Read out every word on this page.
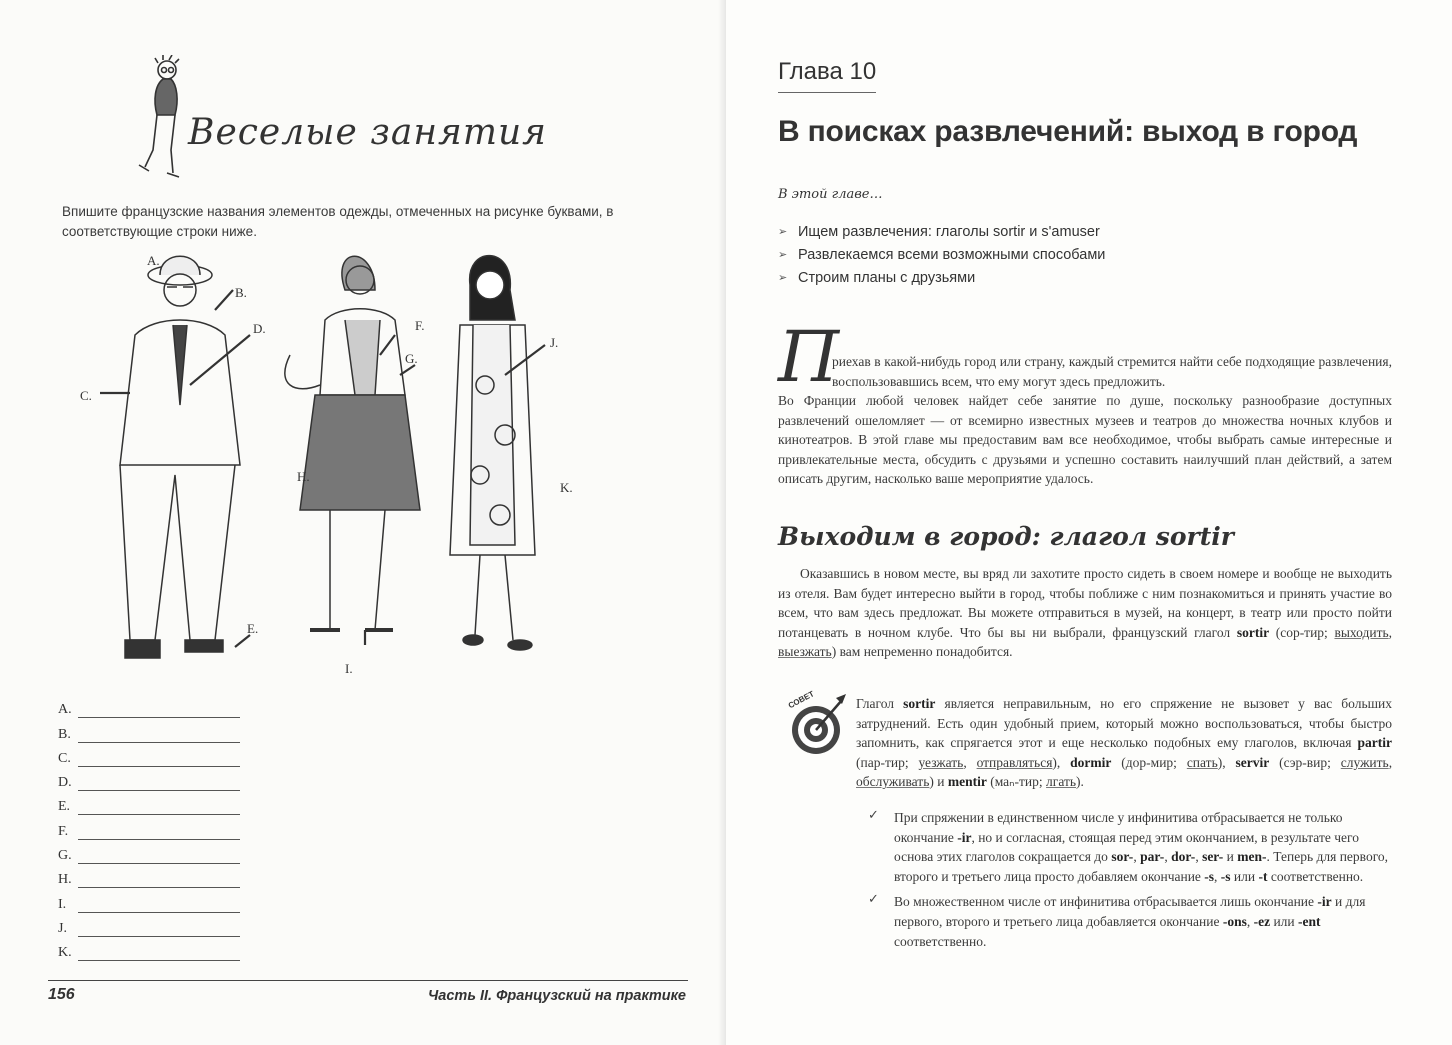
Веселые занятия

Впишите французские названия элементов одежды, отмеченных на рисунке буквами, в соответствующие строки ниже.

A.
B.
C.
D.
E.
F.
G.
H.
I.
J.
K.
A.
B.
C.
D.
E.
F.
G.
H.
I.
J.
K.

156	Часть II. Французский на практике

Глава 10

В поисках развлечений: выход в город

В этой главе…

➢ Ищем развлечения: глаголы sortir и s'amuser
➢ Развлекаемся всеми возможными способами
➢ Строим планы с друзьями

П

риехав в какой-нибудь город или страну, каждый стремится найти себе подходящие развлечения, воспользовавшись всем, что ему могут здесь предложить.

Во Франции любой человек найдет себе занятие по душе, поскольку разнообразие доступных развлечений ошеломляет — от всемирно известных музеев и театров до множества ночных клубов и кинотеатров. В этой главе мы предоставим вам все необходимое, чтобы выбрать самые интересные и привлекательные места, обсудить с друзьями и успешно составить наилучший план действий, а затем описать другим, насколько ваше мероприятие удалось.

Выходим в город: глагол sortir

Оказавшись в новом месте, вы вряд ли захотите просто сидеть в своем номере и вообще не выходить из отеля. Вам будет интересно выйти в город, чтобы поближе с ним познакомиться и принять участие во всем, что вам здесь предложат. Вы можете отправиться в музей, на концерт, в театр или просто пойти потанцевать в ночном клубе. Что бы вы ни выбрали, французский глагол sortir (сор-тир; выходить, выезжать) вам непременно понадобится.

СОВЕТ	Глагол sortir является неправильным, но его спряжение не вызовет у вас больших затруднений. Есть один удобный прием, который можно воспользоваться, чтобы быстро запомнить, как спрягается этот и еще несколько подобных ему глаголов, включая partir (пар-тир; уезжать, отправляться), dormir (дор-мир; спать), servir (сэр-вир; служить, обслуживать) и mentir (маₙ-тир; лгать).

✓	При спряжении в единственном числе у инфинитива отбрасывается не только окончание -ir, но и согласная, стоящая перед этим окончанием, в результате чего основа этих глаголов сокращается до sor-, par-, dor-, ser- и men-. Теперь для первого, второго и третьего лица просто добавляем окончание -s, -s или -t соответственно.

✓	Во множественном числе от инфинитива отбрасывается лишь окончание -ir и для первого, второго и третьего лица добавляется окончание -ons, -ez или -ent соответственно.
